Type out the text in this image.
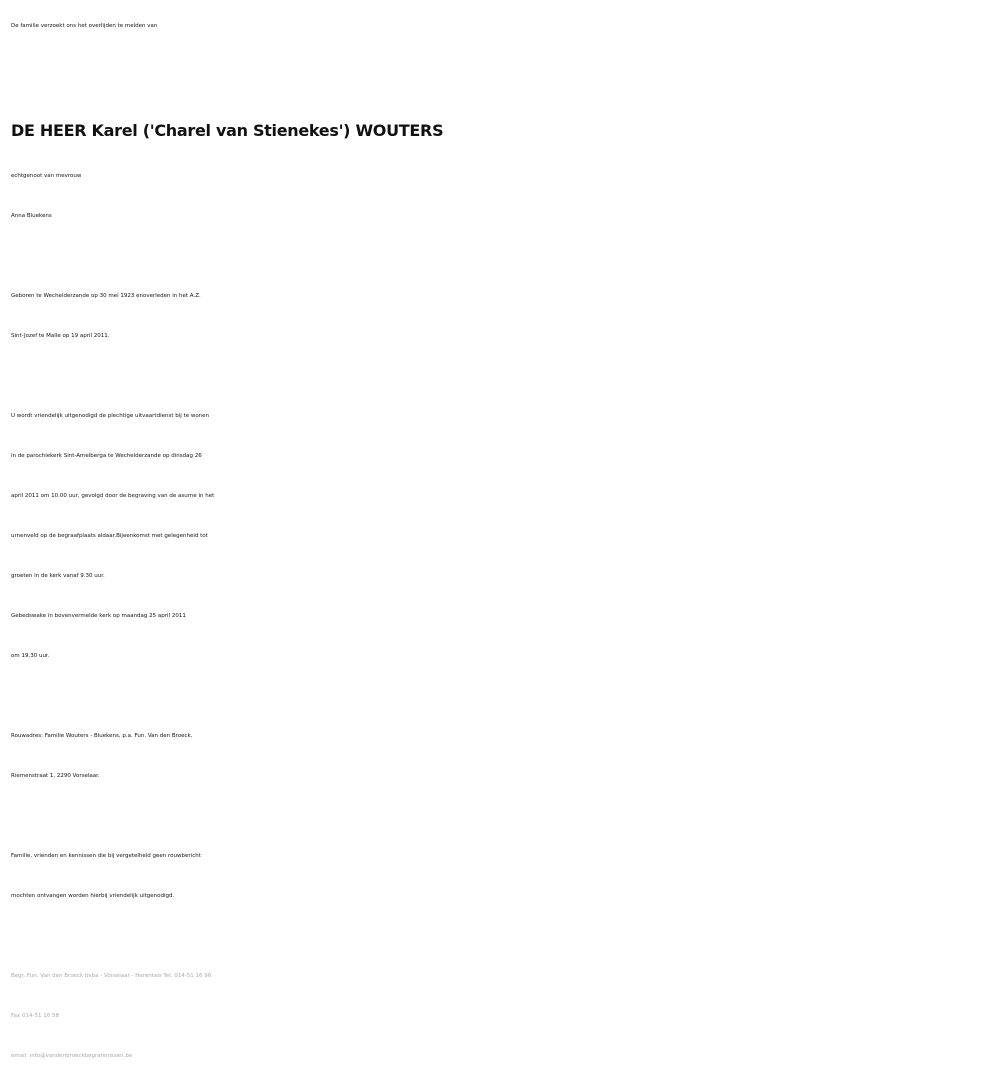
De familie verzoekt ons het overlijden te melden van
DE HEER Karel ('Charel van Stienekes') WOUTERS
echtgenoot van mevrouw
Anna Bluekens
Geboren te Wechelderzande op 30 mei 1923 enoverleden in het A.Z.
Sint-Jozef te Malle op 19 april 2011.
U wordt vriendelijk uitgenodigd de plechtige uitvaartdienst bij te wonen
in de parochiekerk Sint-Amelberga te Wechelderzande op dinsdag 26
april 2011 om 10.00 uur, gevolgd door de begraving van de asurne in het
urnenveld op de begraafplaats aldaar.Bijeenkomst met gelegenheid tot
groeten in de kerk vanaf 9.30 uur.
Gebedswake in bovenvermelde kerk op maandag 25 april 2011
om 19.30 uur.
Rouwadres: Familie Wouters - Bluekens, p.a. Fun. Van den Broeck,
Riemenstraat 1, 2290 Vorselaar.
Familie, vrienden en kennissen die bij vergetelheid geen rouwbericht
mochten ontvangen worden hierbij vriendelijk uitgenodigd.
Begr. Fun. Van den Broeck bvba - Vorselaar - Herentals Tel. 014-51 16 96
Fax 014-51 16 58
email: info@vandenbroeckbegrafenissen.be
